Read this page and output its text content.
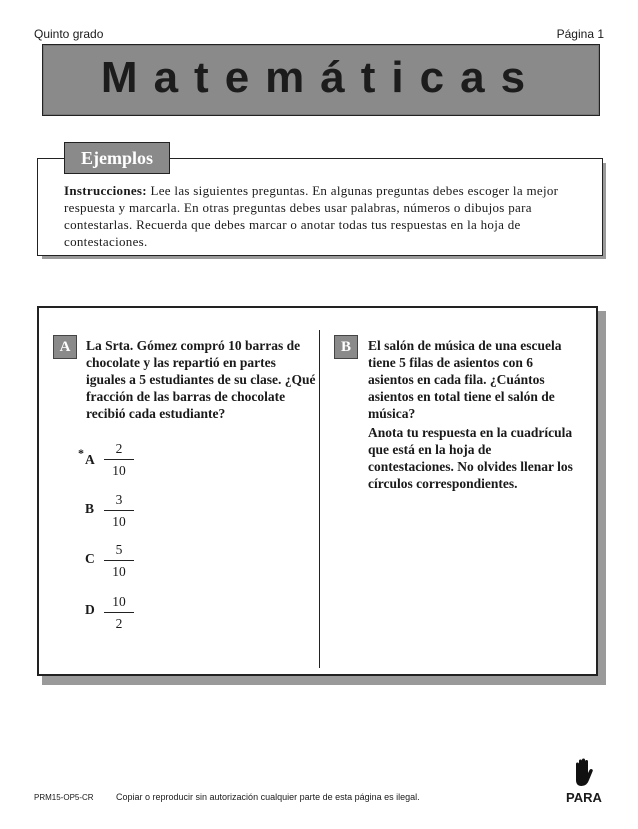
Quinto grado	Página 1
Matemáticas
Ejemplos
Instrucciones: Lee las siguientes preguntas. En algunas preguntas debes escoger la mejor respuesta y marcarla. En otras preguntas debes usar palabras, números o dibujos para contestarlas. Recuerda que debes marcar o anotar todas tus respuestas en la hoja de contestaciones.
A	La Srta. Gómez compró 10 barras de chocolate y las repartió en partes iguales a 5 estudiantes de su clase. ¿Qué fracción de las barras de chocolate recibió cada estudiante?
* A
2
10
B
3
10
C
5
10
D
10
2
B	El salón de música de una escuela tiene 5 filas de asientos con 6 asientos en cada fila. ¿Cuántos asientos en total tiene el salón de música?
Anota tu respuesta en la cuadrícula que está en la hoja de contestaciones. No olvides llenar los círculos correspondientes.
PRM15-OP5-CR Copiar o reproducir sin autorización cualquier parte de esta página es ilegal.	PARA
